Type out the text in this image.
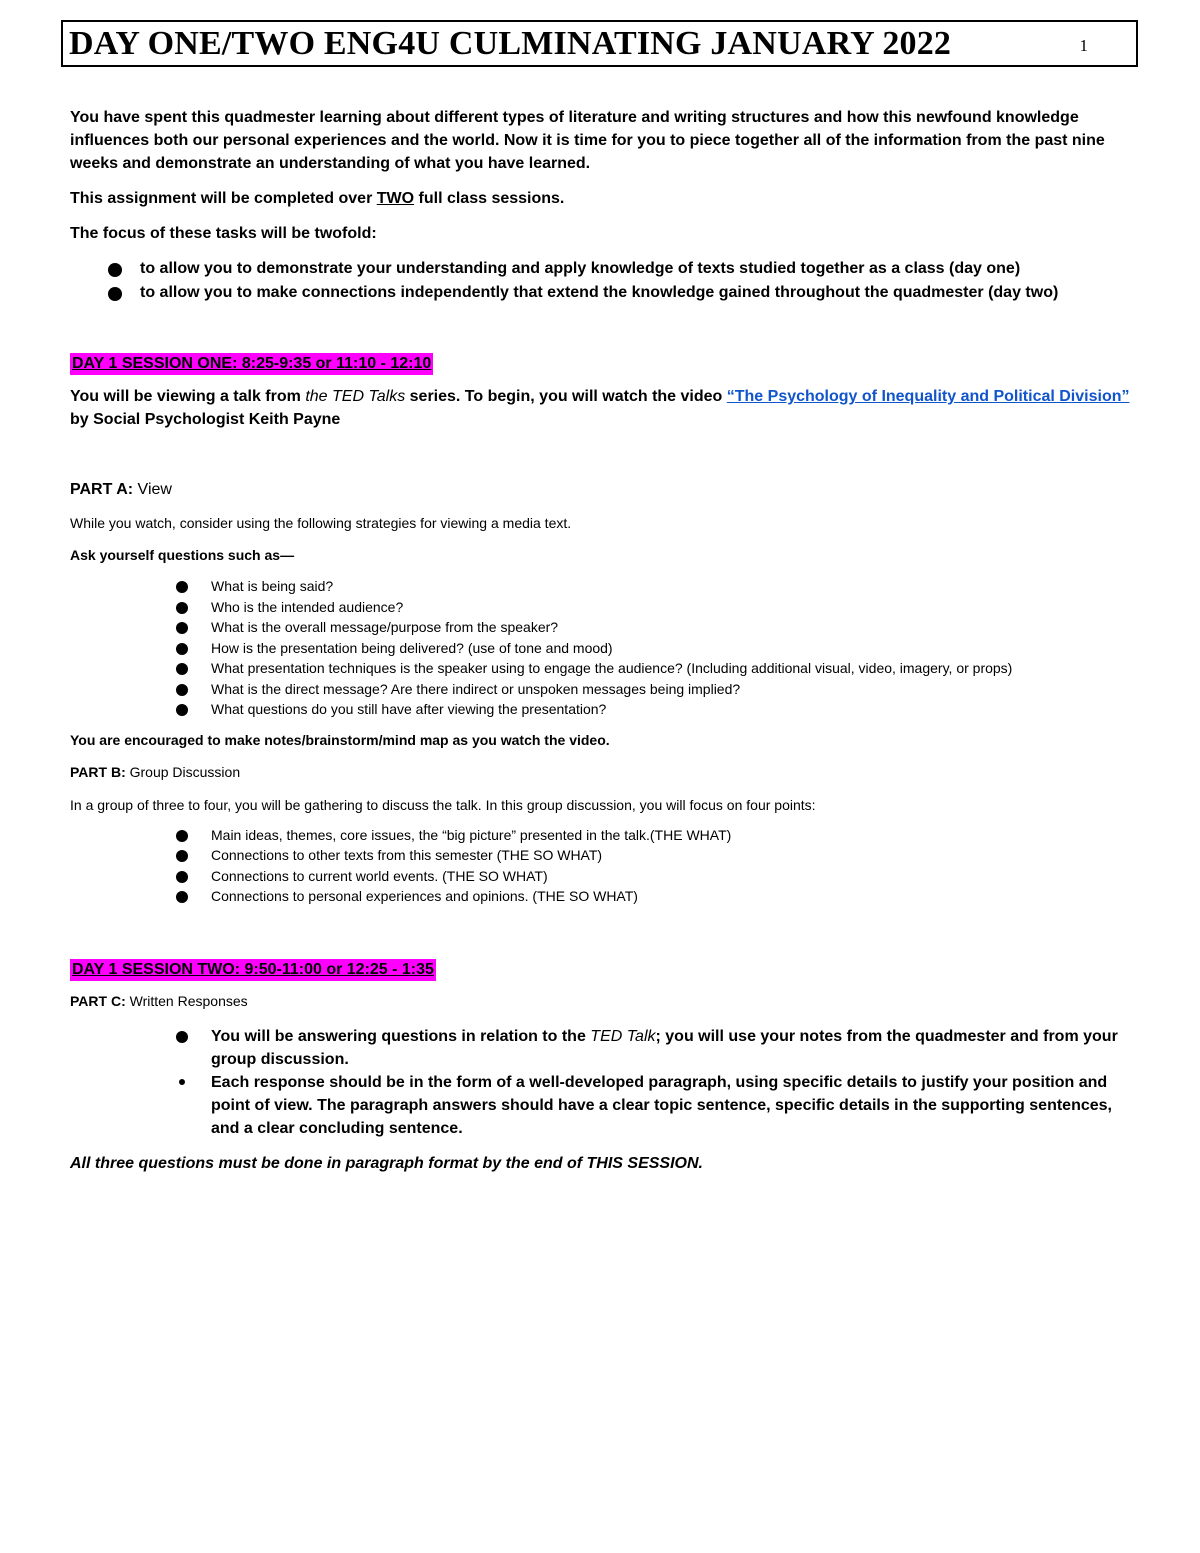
DAY ONE/TWO ENG4U CULMINATING JANUARY 2022	1

You have spent this quadmester learning about different types of literature and writing structures and how this newfound knowledge influences both our personal experiences and the world. Now it is time for you to piece together all of the information from the past nine weeks and demonstrate an understanding of what you have learned.

This assignment will be completed over TWO full class sessions.

The focus of these tasks will be twofold:

to allow you to demonstrate your understanding and apply knowledge of texts studied together as a class (day one)
to allow you to make connections independently that extend the knowledge gained throughout the quadmester (day two)
DAY 1 SESSION ONE: 8:25-9:35 or 11:10 - 12:10

You will be viewing a talk from the TED Talks series. To begin, you will watch the video “The Psychology of Inequality and Political Division” by Social Psychologist Keith Payne

PART A: View

While you watch, consider using the following strategies for viewing a media text.

Ask yourself questions such as—

What is being said?
Who is the intended audience?
What is the overall message/purpose from the speaker?
How is the presentation being delivered? (use of tone and mood)
What presentation techniques is the speaker using to engage the audience? (Including additional visual, video, imagery, or props)
What is the direct message? Are there indirect or unspoken messages being implied?
What questions do you still have after viewing the presentation?

You are encouraged to make notes/brainstorm/mind map as you watch the video.

PART B: Group Discussion

In a group of three to four, you will be gathering to discuss the talk. In this group discussion, you will focus on four points:

Main ideas, themes, core issues, the “big picture” presented in the talk.(THE WHAT)
Connections to other texts from this semester (THE SO WHAT)
Connections to current world events. (THE SO WHAT)
Connections to personal experiences and opinions. (THE SO WHAT)
DAY 1 SESSION TWO: 9:50-11:00 or 12:25 - 1:35

PART C: Written Responses

You will be answering questions in relation to the TED Talk; you will use your notes from the quadmester and from your group discussion.
Each response should be in the form of a well-developed paragraph, using specific details to justify your position and point of view. The paragraph answers should have a clear topic sentence, specific details in the supporting sentences, and a clear concluding sentence.

All three questions must be done in paragraph format by the end of THIS SESSION.
